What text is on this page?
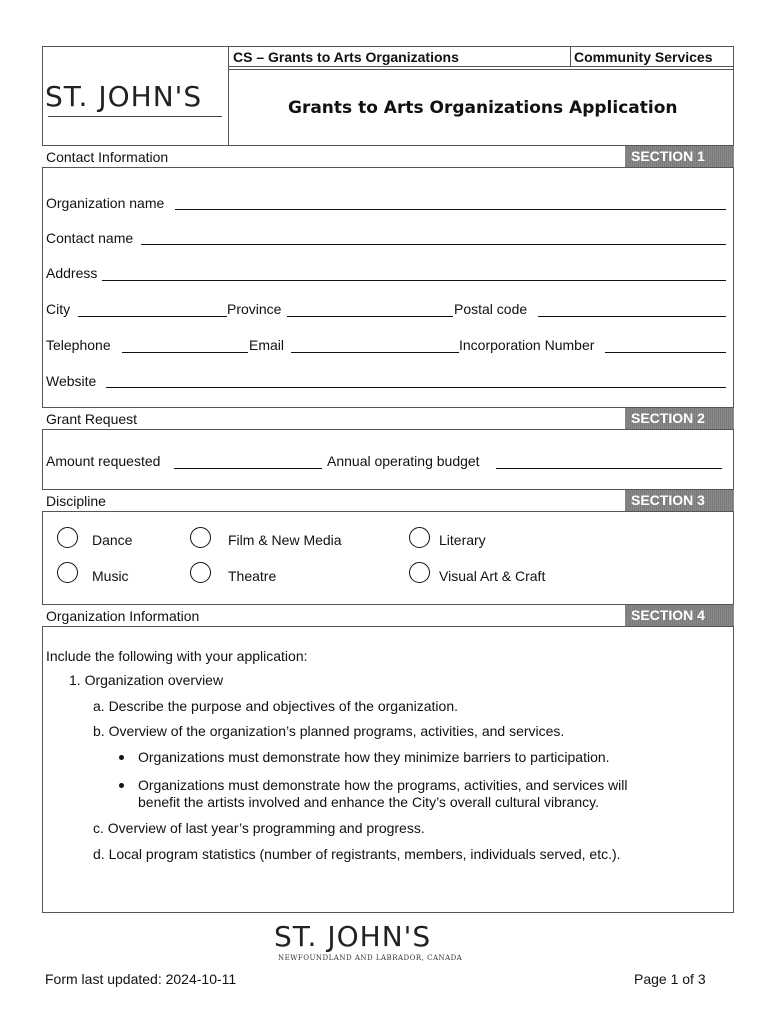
CS – Grants to Arts Organizations	Community Services
ST. JOHN'S	Grants to Arts Organizations Application
Contact Information	SECTION 1
Organization name
Contact name
Address
City	Province	Postal code
Telephone	Email	Incorporation Number
Website
Grant Request	SECTION 2
Amount requested	Annual operating budget
Discipline	SECTION 3
Dance	Film & New Media	Literary
Music	Theatre	Visual Art & Craft
Organization Information	SECTION 4
Include the following with your application:
1. Organization overview
a. Describe the purpose and objectives of the organization.
b. Overview of the organization’s planned programs, activities, and services.
Organizations must demonstrate how they minimize barriers to participation.
Organizations must demonstrate how the programs, activities, and services will
benefit the artists involved and enhance the City’s overall cultural vibrancy.
c. Overview of last year’s programming and progress.
d. Local program statistics (number of registrants, members, individuals served, etc.).
ST. JOHN'S
NEWFOUNDLAND AND LABRADOR, CANADA
Form last updated: 2024-10-11	Page 1 of 3
